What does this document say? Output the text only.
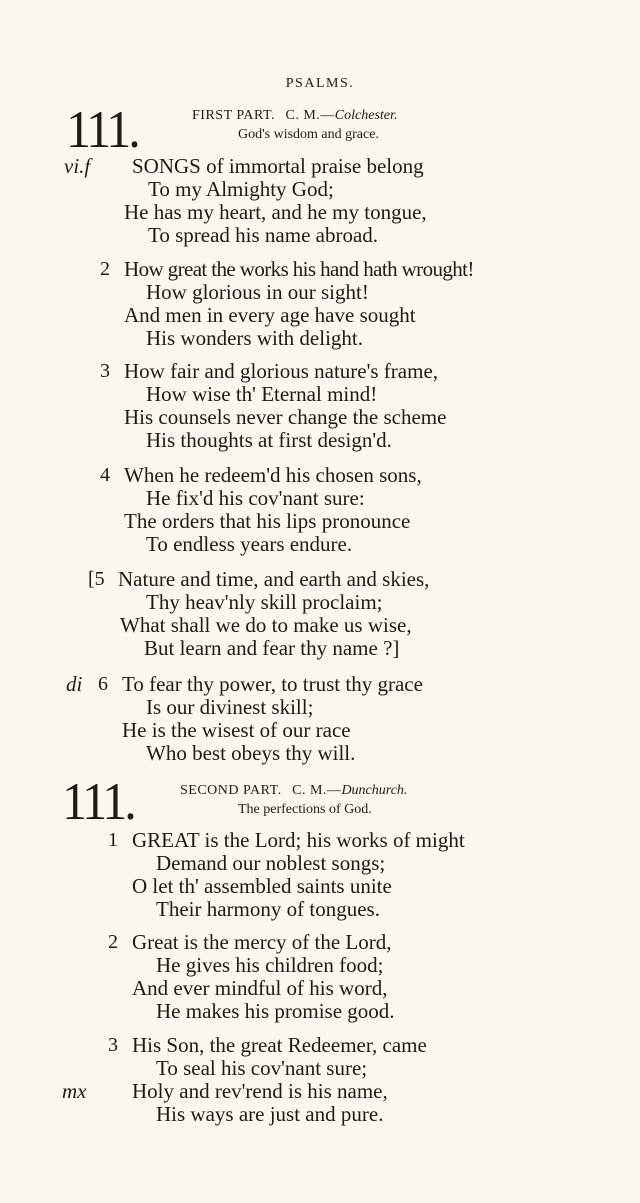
PSALMS.
111.	FIRST PART. C. M.—Colchester.
God's wisdom and grace.
vi.f SONGS of immortal praise belong
To my Almighty God;
He has my heart, and he my tongue,
To spread his name abroad.
2 How great the works his hand hath wrought!
How glorious in our sight!
And men in every age have sought
His wonders with delight.
3 How fair and glorious nature's frame,
How wise th' Eternal mind!
His counsels never change the scheme
His thoughts at first design'd.
4 When he redeem'd his chosen sons,
He fix'd his cov'nant sure:
The orders that his lips pronounce
To endless years endure.
[5 Nature and time, and earth and skies,
Thy heav'nly skill proclaim;
What shall we do to make us wise,
But learn and fear thy name ?]
di 6 To fear thy power, to trust thy grace
Is our divinest skill;
He is the wisest of our race
Who best obeys thy will.
111.	SECOND PART. C. M.—Dunchurch.
The perfections of God.
1 GREAT is the Lord; his works of might
Demand our noblest songs;
O let th' assembled saints unite
Their harmony of tongues.
2 Great is the mercy of the Lord,
He gives his children food;
And ever mindful of his word,
He makes his promise good.
3 His Son, the great Redeemer, came
To seal his cov'nant sure;
mx Holy and rev'rend is his name,
His ways are just and pure.
